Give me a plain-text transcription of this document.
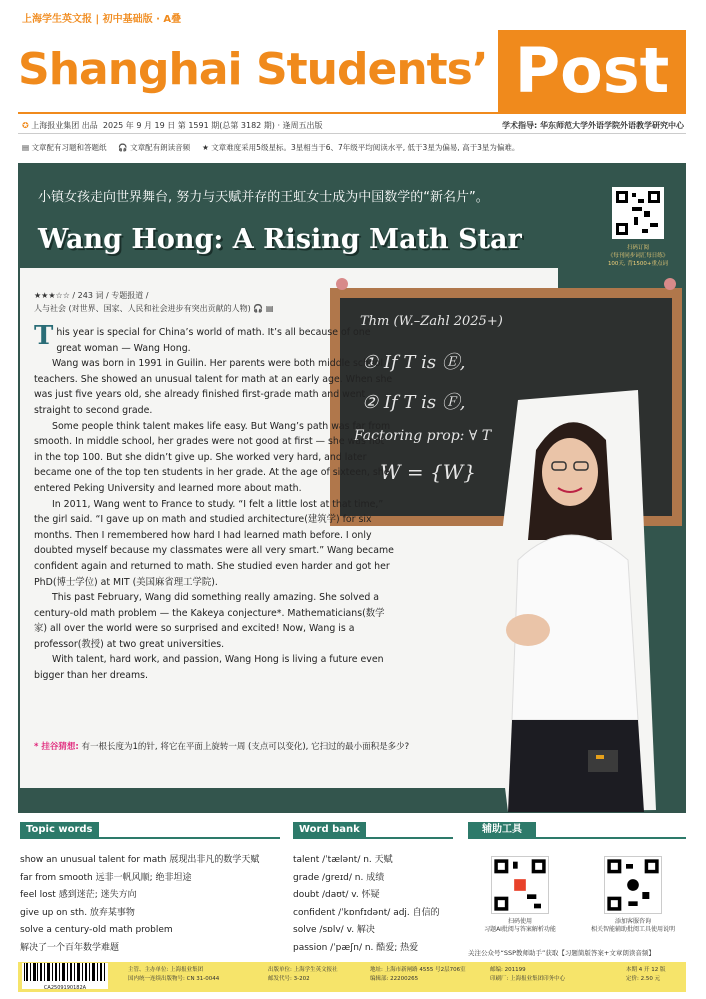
上海学生英文报 | 初中基础版 · A叠
Shanghai Students’ Post
✪ 上海报业集团 出品 2025 年 9 月 19 日 第 1591 期(总第 3182 期) · 逢周五出版	学术指导: 华东师范大学外语学院外语教学研究中心
▤ 文章配有习题和答题纸 🎧 文章配有朗读音频 ★ 文章难度采用5级星标。3星相当于6、7年级平均阅读水平, 低于3星为偏易, 高于3星为偏难。
小镇女孩走向世界舞台, 努力与天赋并存的王虹女士成为中国数学的“新名片”。
Wang Hong: A Rising Math Star	扫码订阅
《每刊同步词汇每日练》
100天, 背1500+重点词
Thm (W.–Zahl 2025+)
① If T is Ⓔ,
② If T is Ⓕ,
Factoring prop: ∀ T
W = {W}
★★★☆☆ / 243 词 / 专题报道 /
人与社会 (对世界、国家、人民和社会进步有突出贡献的人物) 🎧 ▤

This year is special for China’s world of math. It’s all because of one great woman — Wang Hong.

Wang was born in 1991 in Guilin. Her parents were both middle school teachers. She showed an unusual talent for math at an early age. When she was just five years old, she already finished first-grade math and went straight to second grade.

Some people think talent makes life easy. But Wang’s path was far from smooth. In middle school, her grades were not good at first — she was not in the top 100. But she didn’t give up. She worked very hard, and later became one of the top ten students in her grade. At the age of sixteen, she entered Peking University and learned more about math.

In 2011, Wang went to France to study. “I felt a little lost at that time,” the girl said. “I gave up on math and studied architecture(建筑学) for six months. Then I remembered how hard I had learned math before. I only doubted myself because my classmates were all very smart.” Wang became confident again and returned to math. She studied even harder and got her PhD(博士学位) at MIT (美国麻省理工学院).

This past February, Wang did something really amazing. She solved a century-old math problem — the Kakeya conjecture*. Mathematicians(数学家) all over the world were so surprised and excited! Now, Wang is a professor(教授) at two great universities.

With talent, hard work, and passion, Wang Hong is living a future even bigger than her dreams.

* 挂谷猜想: 有一根长度为1的针, 将它在平面上旋转一周 (支点可以变化), 它扫过的最小面积是多少?
Topic words	Word bank	辅助工具
show an unusual talent for math 展现出非凡的数学天赋
far from smooth 远非一帆风顺; 绝非坦途
feel lost 感到迷茫; 迷失方向
give up on sth. 放弃某事物
solve a century-old math problem
解决了一个百年数学难题
talent /ˈtælənt/ n. 天赋
grade /ɡreɪd/ n. 成绩
doubt /daʊt/ v. 怀疑
confident /ˈkɒnfɪdənt/ adj. 自信的
solve /sɒlv/ v. 解决
passion /ˈpæʃn/ n. 酷爱; 热爱
扫码使用
习题AI批阅与答案解析功能
添加客服咨询
相关智能辅助批阅工具使用说明
关注公众号“SSP教师助手”获取【习题简版答案+文章朗读音频】
CA2509190182A
主管、主办单位: 上海报业集团
国内统一连续出版物号: CN 31-0044
出版单位: 上海学生英文报社
邮发代号: 3-202
地址: 上海市新闸路 4555 号2层706室
编辑部: 22200265
邮编: 201199
印刷厂: 上海报业集团印务中心
本期 4 开 12 版
定价: 2.50 元
